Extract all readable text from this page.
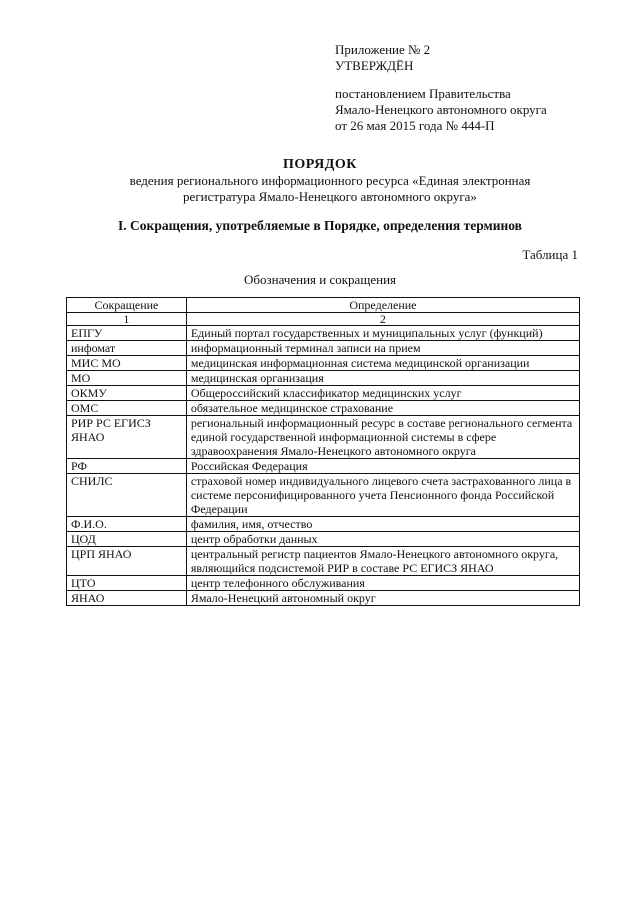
Приложение № 2
УТВЕРЖДЁН
постановлением Правительства
Ямало-Ненецкого автономного округа
от 26 мая 2015 года № 444-П
ПОРЯДОК
ведения регионального информационного ресурса «Единая электронная
регистратура Ямало-Ненецкого автономного округа»
I. Сокращения, употребляемые в Порядке, определения терминов
Таблица 1
Обозначения и сокращения
Сокращение	Определение
1	2
ЕПГУ	Единый портал государственных и муниципальных услуг (функций)
инфомат	информационный терминал записи на прием
МИС МО	медицинская информационная система медицинской организации
МО	медицинская организация
ОКМУ	Общероссийский классификатор медицинских услуг
ОМС	обязательное медицинское страхование
РИР РС ЕГИСЗ ЯНАО	региональный информационный ресурс в составе регионального сегмента единой государственной информационной системы в сфере здравоохранения Ямало-Ненецкого автономного округа
РФ	Российская Федерация
СНИЛС	страховой номер индивидуального лицевого счета застрахованного лица в системе персонифицированного учета Пенсионного фонда Российской Федерации
Ф.И.О.	фамилия, имя, отчество
ЦОД	центр обработки данных
ЦРП ЯНАО	центральный регистр пациентов Ямало-Ненецкого автономного округа, являющийся подсистемой РИР в составе РС ЕГИСЗ ЯНАО
ЦТО	центр телефонного обслуживания
ЯНАО	Ямало-Ненецкий автономный округ
